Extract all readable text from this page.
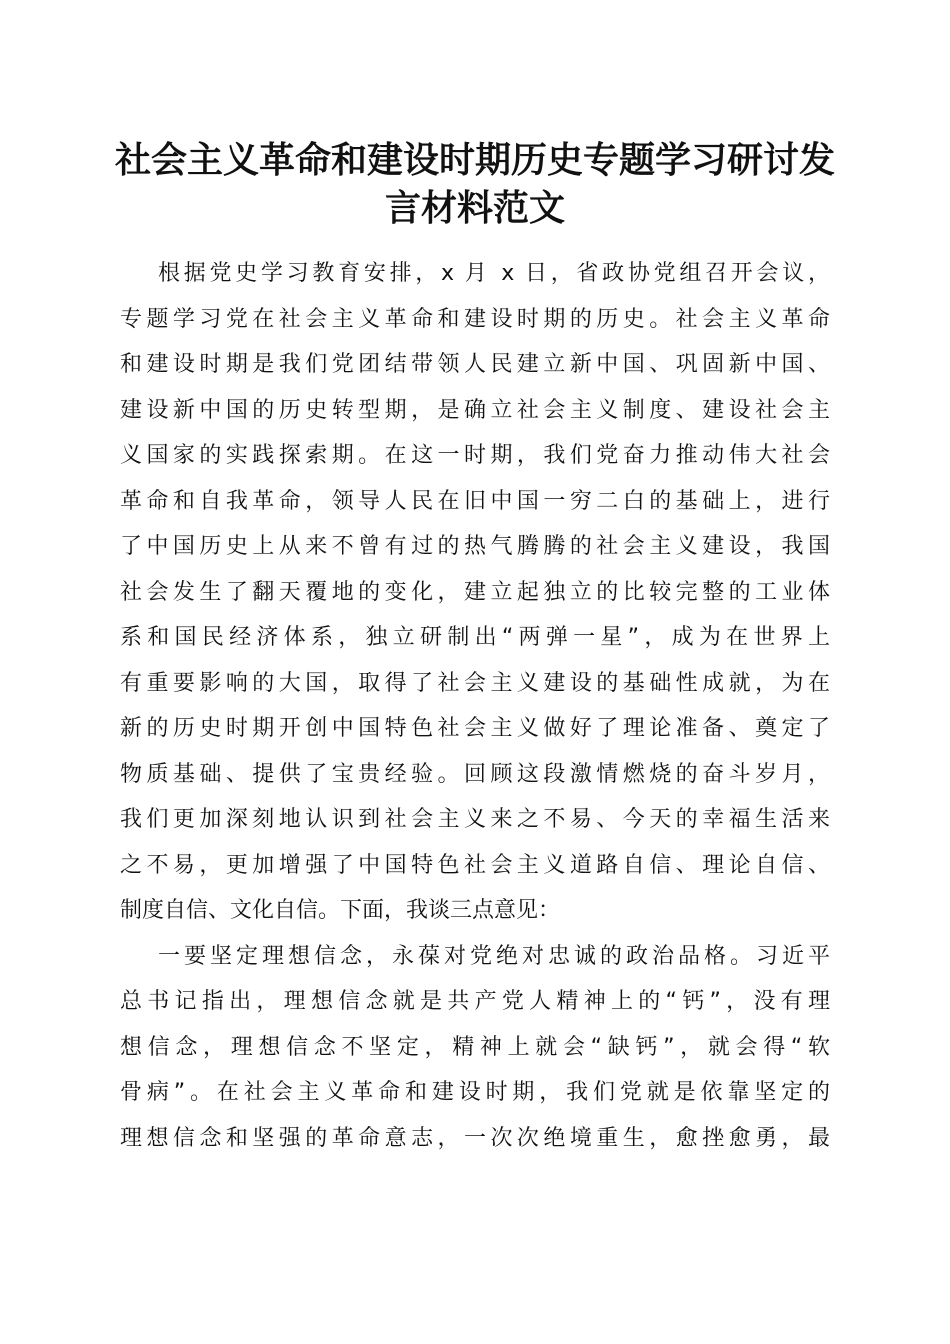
社会主义革命和建设时期历史专题学习研讨发
言材料范文

根据党史学习教育安排，x 月 x 日，省政协党组召开会议，
专题学习党在社会主义革命和建设时期的历史。社会主义革命
和建设时期是我们党团结带领人民建立新中国、巩固新中国、
建设新中国的历史转型期，是确立社会主义制度、建设社会主
义国家的实践探索期。在这一时期，我们党奋力推动伟大社会
革命和自我革命，领导人民在旧中国一穷二白的基础上，进行
了中国历史上从来不曾有过的热气腾腾的社会主义建设，我国
社会发生了翻天覆地的变化，建立起独立的比较完整的工业体
系和国民经济体系，独立研制出“两弹一星”，成为在世界上
有重要影响的大国，取得了社会主义建设的基础性成就，为在
新的历史时期开创中国特色社会主义做好了理论准备、奠定了
物质基础、提供了宝贵经验。回顾这段激情燃烧的奋斗岁月，
我们更加深刻地认识到社会主义来之不易、今天的幸福生活来
之不易，更加增强了中国特色社会主义道路自信、理论自信、
制度自信、文化自信。下面，我谈三点意见：

一要坚定理想信念，永葆对党绝对忠诚的政治品格。习近平
总书记指出，理想信念就是共产党人精神上的“钙”，没有理
想信念，理想信念不坚定，精神上就会“缺钙”，就会得“软
骨病”。在社会主义革命和建设时期，我们党就是依靠坚定的
理想信念和坚强的革命意志，一次次绝境重生，愈挫愈勇，最
